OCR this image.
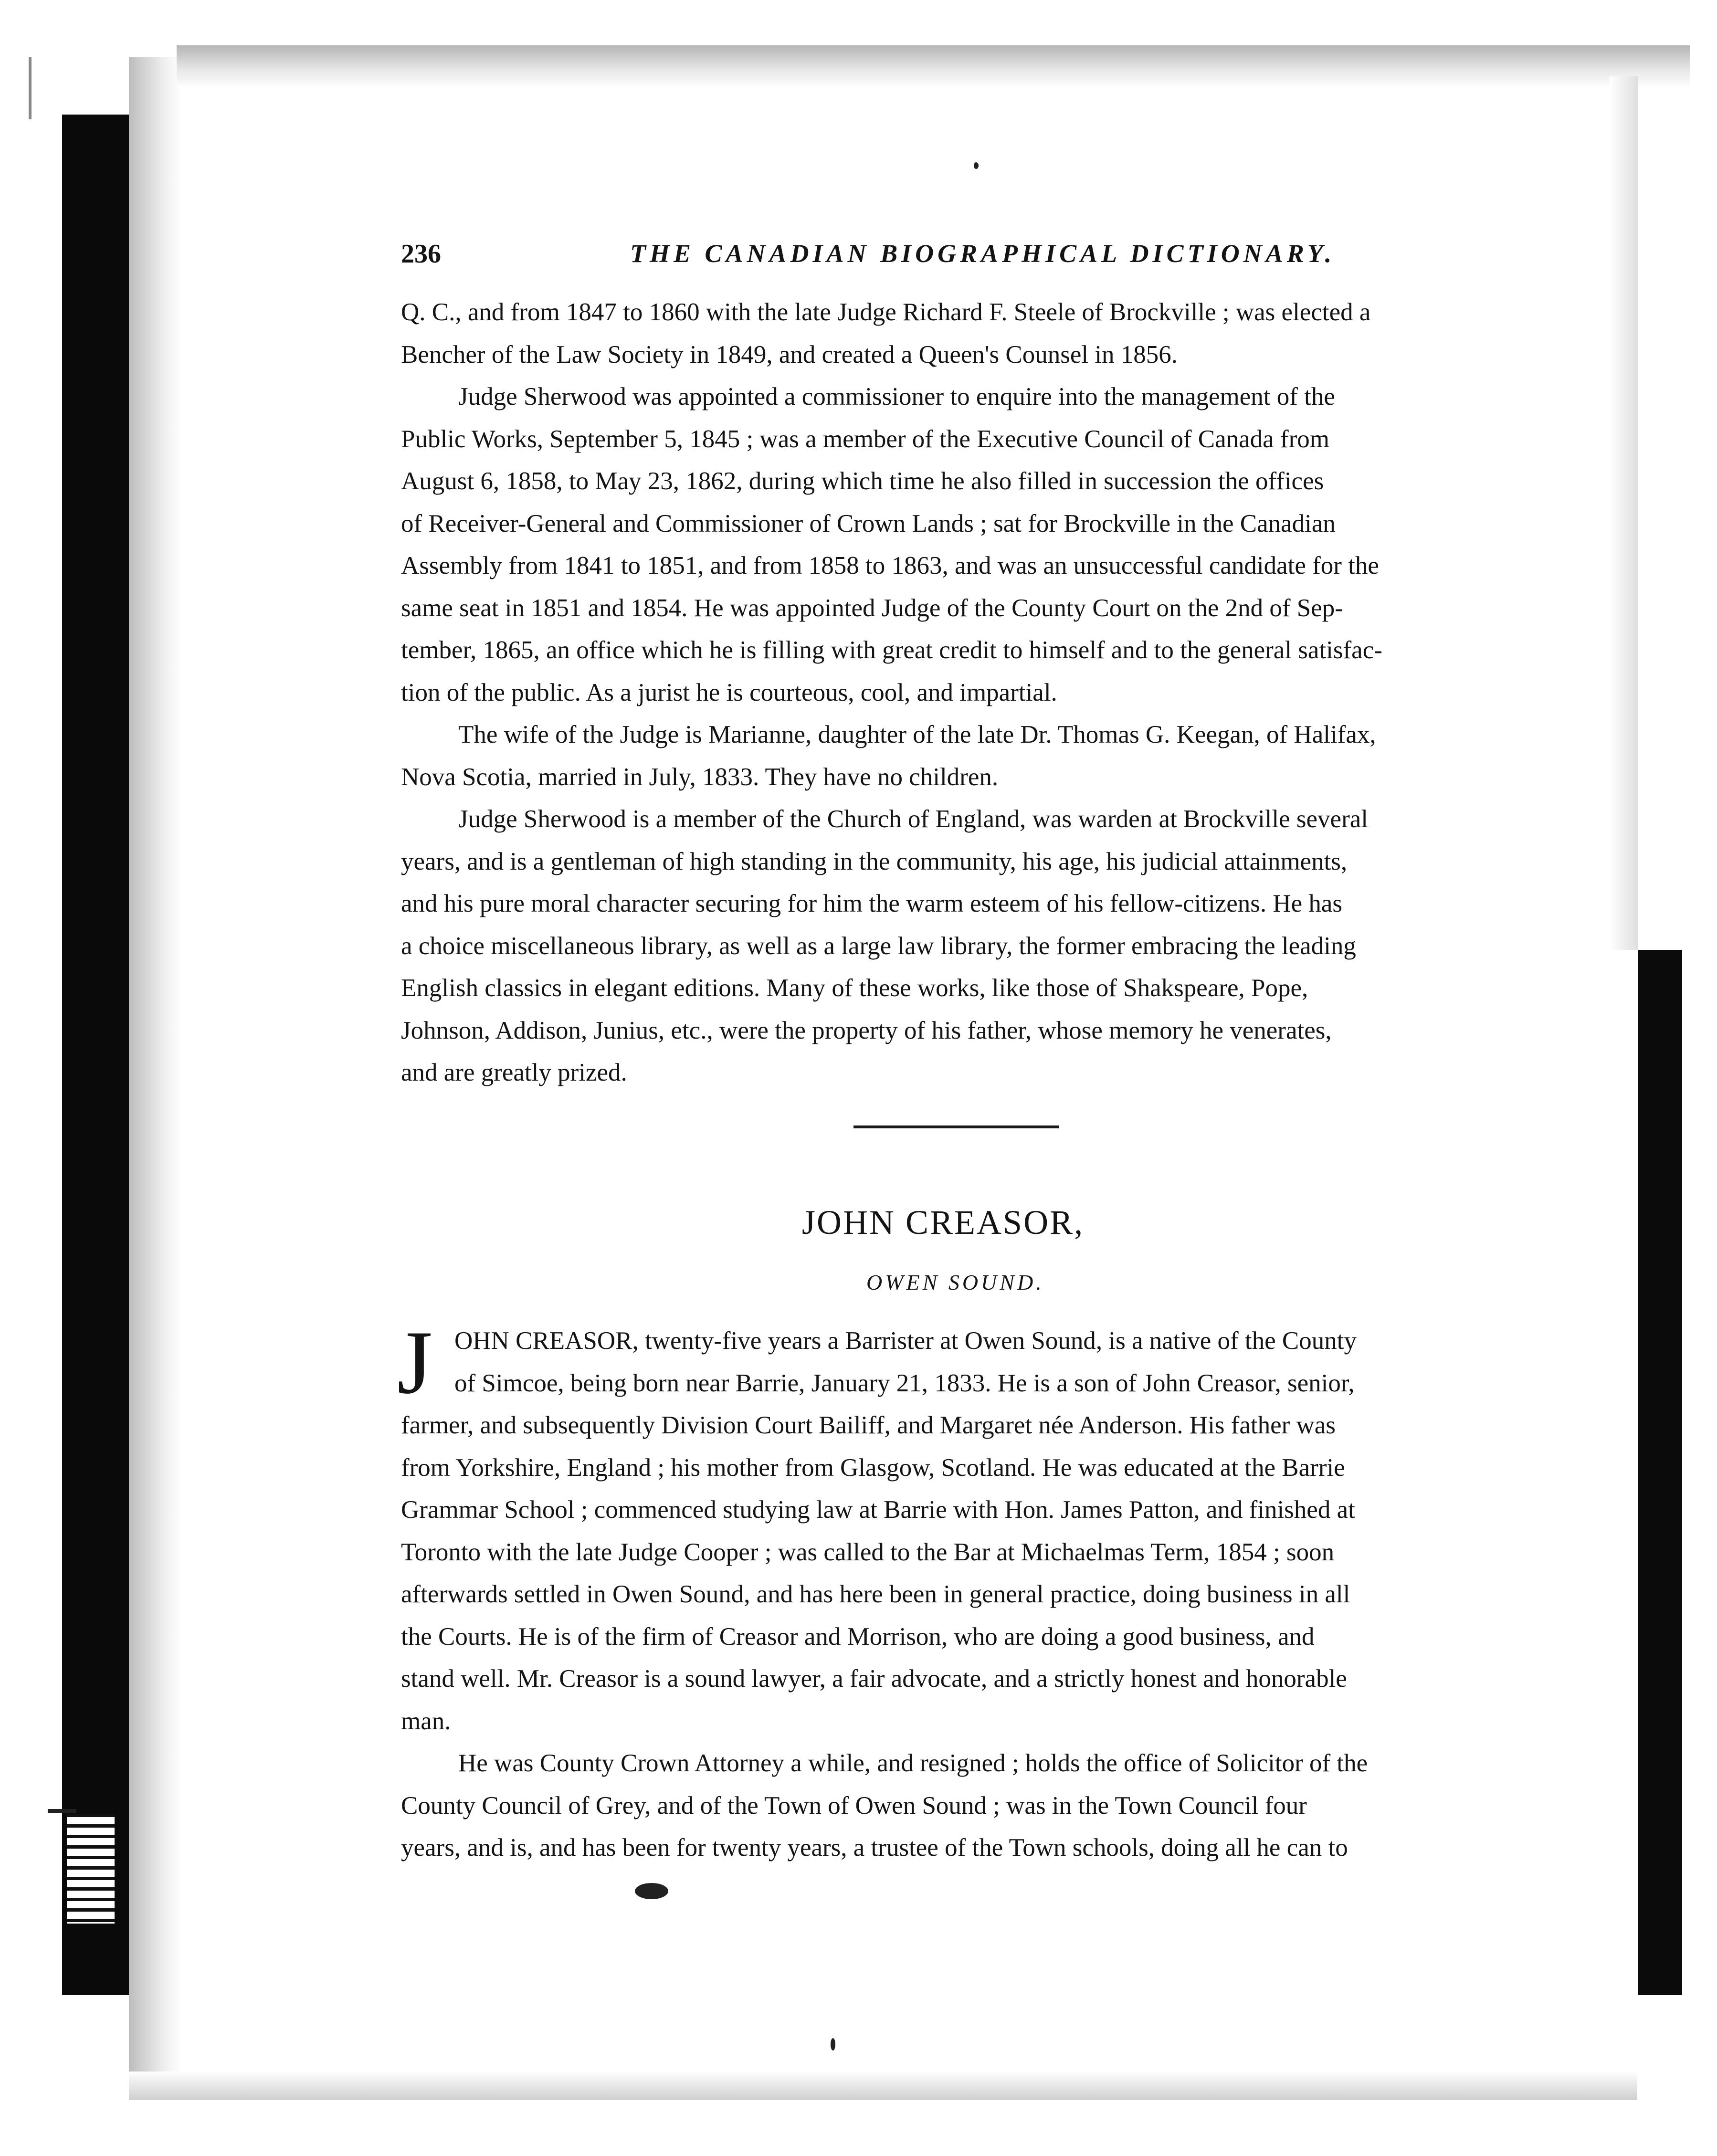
236	THE CANADIAN BIOGRAPHICAL DICTIONARY.

Q. C., and from 1847 to 1860 with the late Judge Richard F. Steele of Brockville ; was elected a
Bencher of the Law Society in 1849, and created a Queen's Counsel in 1856.

Judge Sherwood was appointed a commissioner to enquire into the management of the

Public Works, September 5, 1845 ; was a member of the Executive Council of Canada from
August 6, 1858, to May 23, 1862, during which time he also filled in succession the offices
of Receiver-General and Commissioner of Crown Lands ; sat for Brockville in the Canadian
Assembly from 1841 to 1851, and from 1858 to 1863, and was an unsuccessful candidate for the
same seat in 1851 and 1854. He was appointed Judge of the County Court on the 2nd of Sep-
tember, 1865, an office which he is filling with great credit to himself and to the general satisfac-
tion of the public. As a jurist he is courteous, cool, and impartial.

The wife of the Judge is Marianne, daughter of the late Dr. Thomas G. Keegan, of Halifax,

Nova Scotia, married in July, 1833. They have no children.

Judge Sherwood is a member of the Church of England, was warden at Brockville several

years, and is a gentleman of high standing in the community, his age, his judicial attainments,
and his pure moral character securing for him the warm esteem of his fellow-citizens. He has
a choice miscellaneous library, as well as a large law library, the former embracing the leading
English classics in elegant editions. Many of these works, like those of Shakspeare, Pope,
Johnson, Addison, Junius, etc., were the property of his father, whose memory he venerates,
and are greatly prized.

JOHN CREASOR,
OWEN SOUND.
J OHN CREASOR, twenty-five years a Barrister at Owen Sound, is a native of the County
of Simcoe, being born near Barrie, January 21, 1833. He is a son of John Creasor, senior,
farmer, and subsequently Division Court Bailiff, and Margaret née Anderson. His father was
from Yorkshire, England ; his mother from Glasgow, Scotland. He was educated at the Barrie
Grammar School ; commenced studying law at Barrie with Hon. James Patton, and finished at
Toronto with the late Judge Cooper ; was called to the Bar at Michaelmas Term, 1854 ; soon
afterwards settled in Owen Sound, and has here been in general practice, doing business in all
the Courts. He is of the firm of Creasor and Morrison, who are doing a good business, and
stand well. Mr. Creasor is a sound lawyer, a fair advocate, and a strictly honest and honorable
man.

He was County Crown Attorney a while, and resigned ; holds the office of Solicitor of the

County Council of Grey, and of the Town of Owen Sound ; was in the Town Council four
years, and is, and has been for twenty years, a trustee of the Town schools, doing all he can to
